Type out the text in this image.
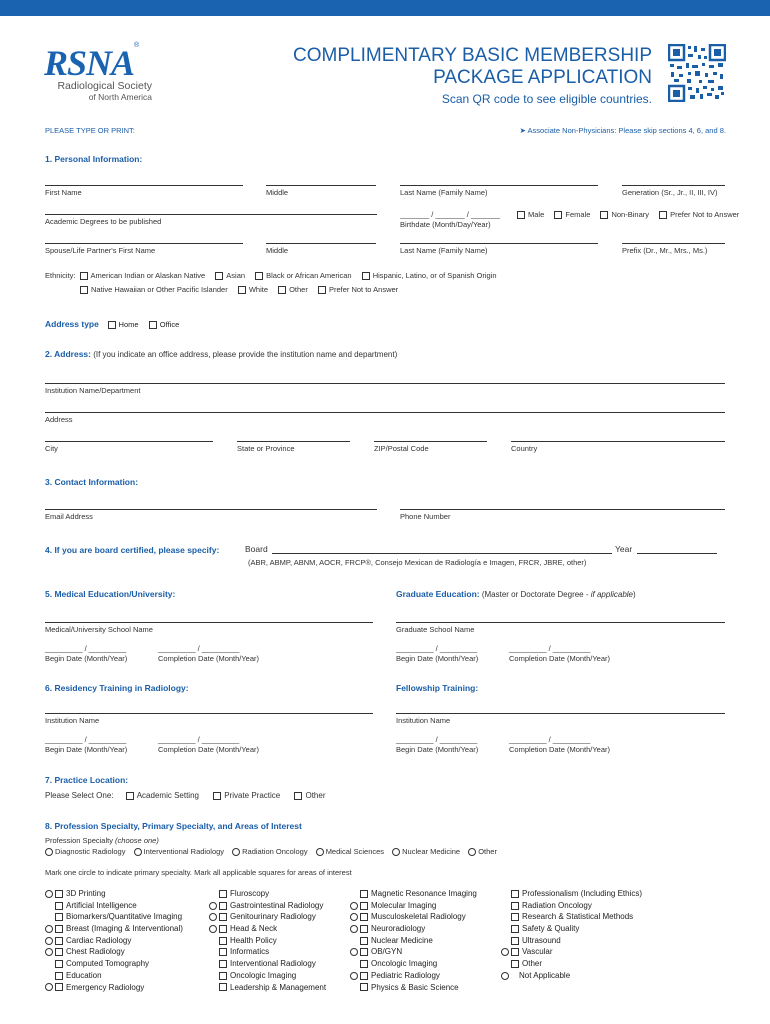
RSNA®
Radiological Society
of North America
COMPLIMENTARY BASIC MEMBERSHIP
PACKAGE APPLICATION
Scan QR code to see eligible countries.
PLEASE TYPE OR PRINT:	➤ Associate Non-Physicians: Please skip sections 4, 6, and 8.
1. Personal Information:
First Name	Middle	Last Name (Family Name)	Generation (Sr., Jr., II, III, IV)
Academic Degrees to be published
_______ / _______ / _______
Birthdate (Month/Day/Year)
Male	Female	Non-Binary	Prefer Not to Answer
Spouse/Life Partner's First Name	Middle	Last Name (Family Name)	Prefix (Dr., Mr., Mrs., Ms.)
Ethnicity: American Indian or Alaskan Native	Asian	Black or African American	Hispanic, Latino, or of Spanish Origin
Native Hawaiian or Other Pacific Islander	White	Other	Prefer Not to Answer
Address type	Home	Office
2. Address: (If you indicate an office address, please provide the institution name and department)
Institution Name/Department
Address
City	State or Province	ZIP/Postal Code	Country
3. Contact Information:
Email Address	Phone Number
4. If you are board certified, please specify:	Board	Year
(ABR, ABMP, ABNM, AOCR, FRCP®, Consejo Mexican de Radiología e Imagen, FRCR, JBRE, other)
5. Medical Education/University:	Graduate Education: (Master or Doctorate Degree - if applicable)
Medical/University School Name	Graduate School Name
_________ / _________	_________ / _________	_________ / _________	_________ / _________
Begin Date (Month/Year)	Completion Date (Month/Year)	Begin Date (Month/Year)	Completion Date (Month/Year)
6. Residency Training in Radiology:	Fellowship Training:
Institution Name	Institution Name
_________ / _________	_________ / _________	_________ / _________	_________ / _________
Begin Date (Month/Year)	Completion Date (Month/Year)	Begin Date (Month/Year)	Completion Date (Month/Year)
7. Practice Location:
Please Select One:	Academic Setting	Private Practice	Other
8. Profession Specialty, Primary Specialty, and Areas of Interest
Profession Specialty (choose one)
Diagnostic Radiology Interventional Radiology Radiation Oncology Medical Sciences Nuclear Medicine Other
Mark one circle to indicate primary specialty. Mark all applicable squares for areas of interest
3D Printing
Artificial Intelligence
Biomarkers/Quantitative Imaging
Breast (Imaging & Interventional)
Cardiac Radiology
Chest Radiology
Computed Tomography
Education
Emergency Radiology
Fluroscopy
Gastrointestinal Radiology
Genitourinary Radiology
Head & Neck
Health Policy
Informatics
Interventional Radiology
Oncologic Imaging
Leadership & Management
Magnetic Resonance Imaging
Molecular Imaging
Musculoskeletal Radiology
Neuroradiology
Nuclear Medicine
OB/GYN
Oncologic Imaging
Pediatric Radiology
Physics & Basic Science
Professionalism (Including Ethics)
Radiation Oncology
Research & Statistical Methods
Safety & Quality
Ultrasound
Vascular
Other
Not Applicable
